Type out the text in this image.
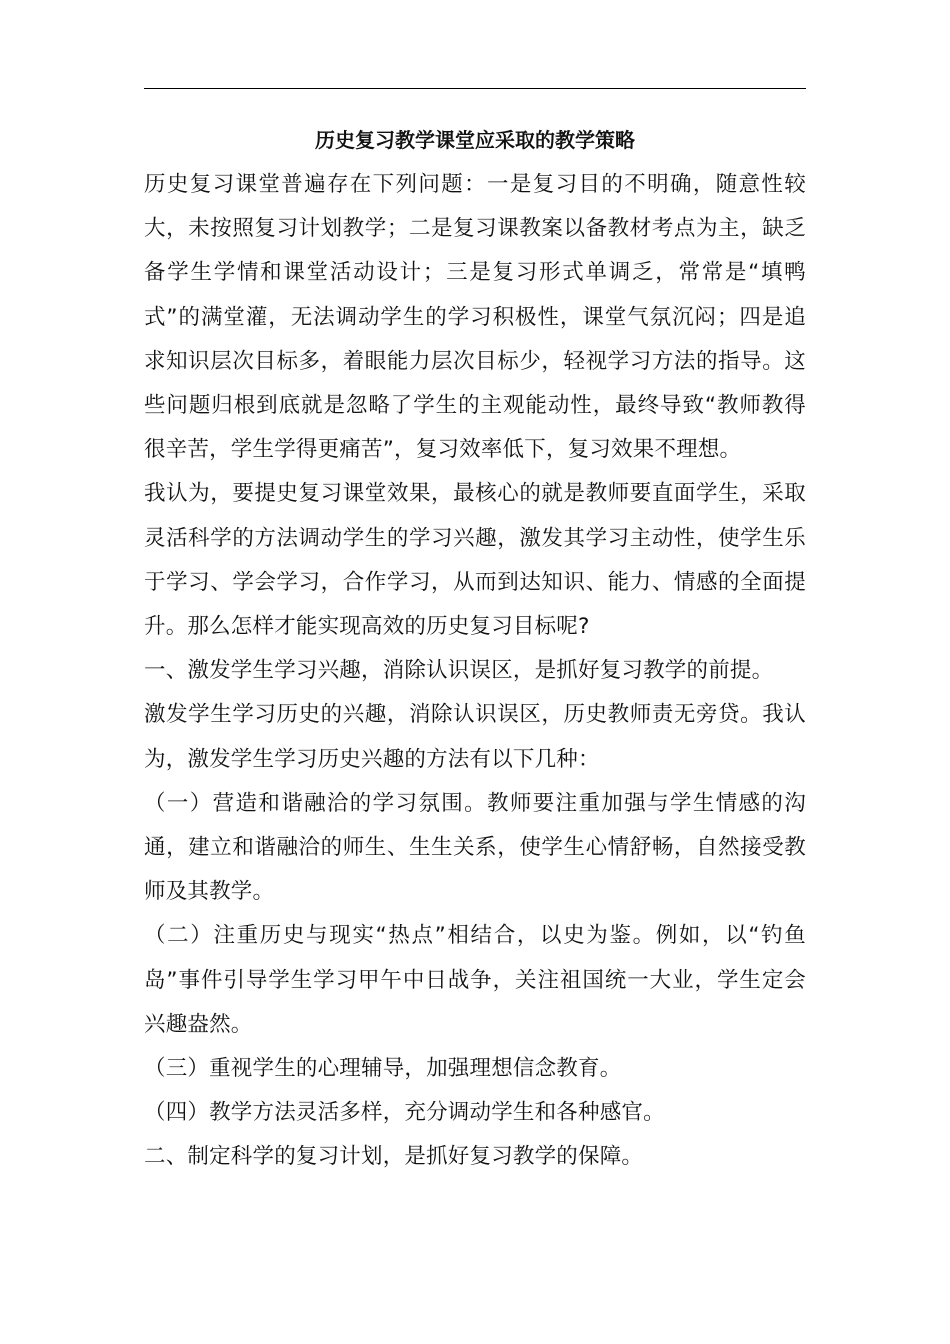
历史复习教学课堂应采取的教学策略

历史复习课堂普遍存在下列问题：一是复习目的不明确，随意性较大，未按照复习计划教学；二是复习课教案以备教材考点为主，缺乏备学生学情和课堂活动设计；三是复习形式单调乏，常常是“填鸭式”的满堂灌，无法调动学生的学习积极性，课堂气氛沉闷；四是追求知识层次目标多，着眼能力层次目标少，轻视学习方法的指导。这些问题归根到底就是忽略了学生的主观能动性，最终导致“教师教得很辛苦，学生学得更痛苦”，复习效率低下，复习效果不理想。

我认为，要提史复习课堂效果，最核心的就是教师要直面学生，采取灵活科学的方法调动学生的学习兴趣，激发其学习主动性，使学生乐于学习、学会学习，合作学习，从而到达知识、能力、情感的全面提升。那么怎样才能实现高效的历史复习目标呢?

一、激发学生学习兴趣，消除认识误区，是抓好复习教学的前提。

激发学生学习历史的兴趣，消除认识误区，历史教师责无旁贷。我认为，激发学生学习历史兴趣的方法有以下几种：

（一）营造和谐融洽的学习氛围。教师要注重加强与学生情感的沟通，建立和谐融洽的师生、生生关系，使学生心情舒畅，自然接受教师及其教学。

（二）注重历史与现实“热点”相结合，以史为鉴。例如，以“钓鱼岛”事件引导学生学习甲午中日战争，关注祖国统一大业，学生定会兴趣盎然。

（三）重视学生的心理辅导，加强理想信念教育。

（四）教学方法灵活多样，充分调动学生和各种感官。

二、制定科学的复习计划，是抓好复习教学的保障。
